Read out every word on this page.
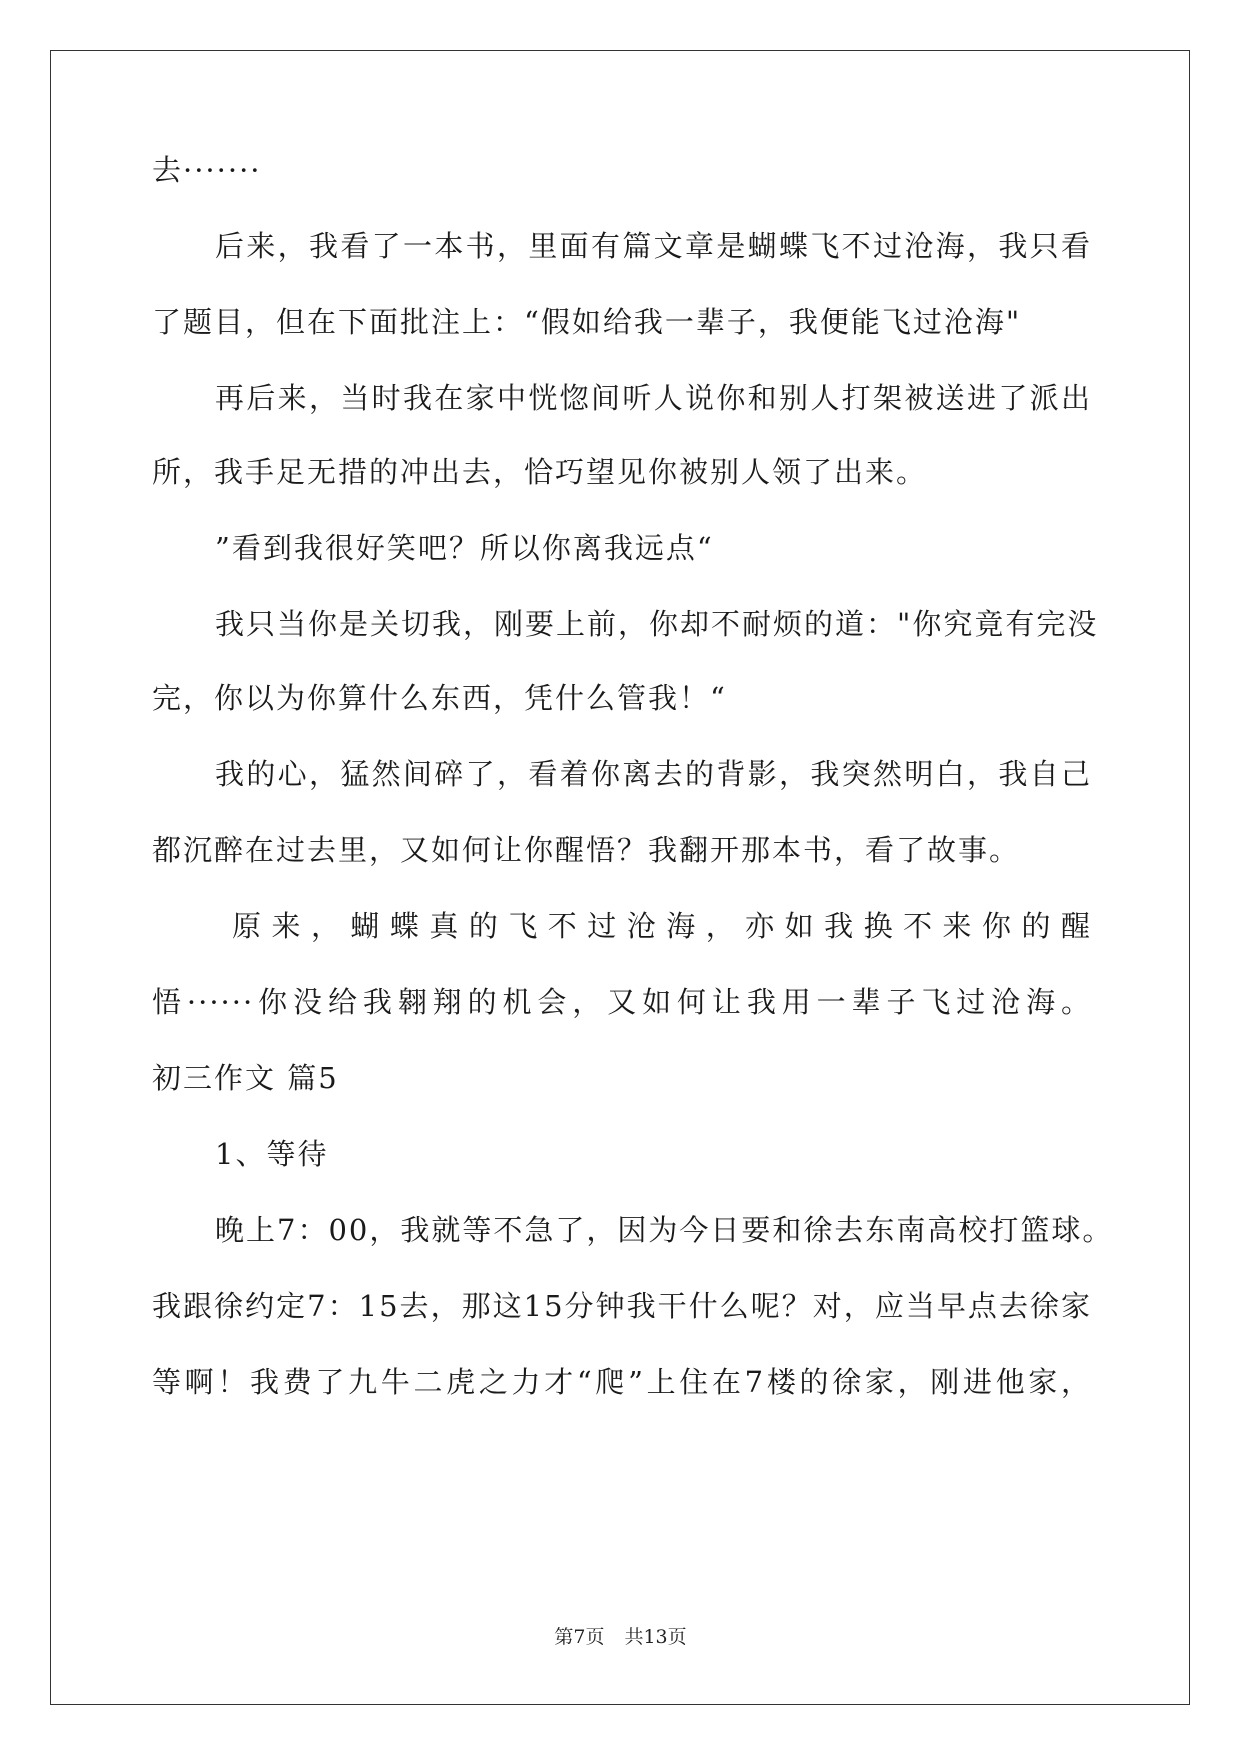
去·······
后来，我看了一本书，里面有篇文章是蝴蝶飞不过沧海，我只看
了题目，但在下面批注上：“假如给我一辈子，我便能飞过沧海"
再后来，当时我在家中恍惚间听人说你和别人打架被送进了派出
所，我手足无措的冲出去，恰巧望见你被别人领了出来。
”看到我很好笑吧？所以你离我远点“
我只当你是关切我，刚要上前，你却不耐烦的道："你究竟有完没
完，你以为你算什么东西，凭什么管我！“
我的心，猛然间碎了，看着你离去的背影，我突然明白，我自己
都沉醉在过去里，又如何让你醒悟？我翻开那本书，看了故事。
原来，蝴蝶真的飞不过沧海，亦如我换不来你的醒
悟······你没给我翱翔的机会，又如何让我用一辈子飞过沧海。
初三作文 篇5
1、等待
晚上7：00，我就等不急了，因为今日要和徐去东南高校打篮球。
我跟徐约定7：15去，那这15分钟我干什么呢？对，应当早点去徐家
等啊！我费了九牛二虎之力才“爬”上住在7楼的徐家，刚进他家，
第7页 共13页
